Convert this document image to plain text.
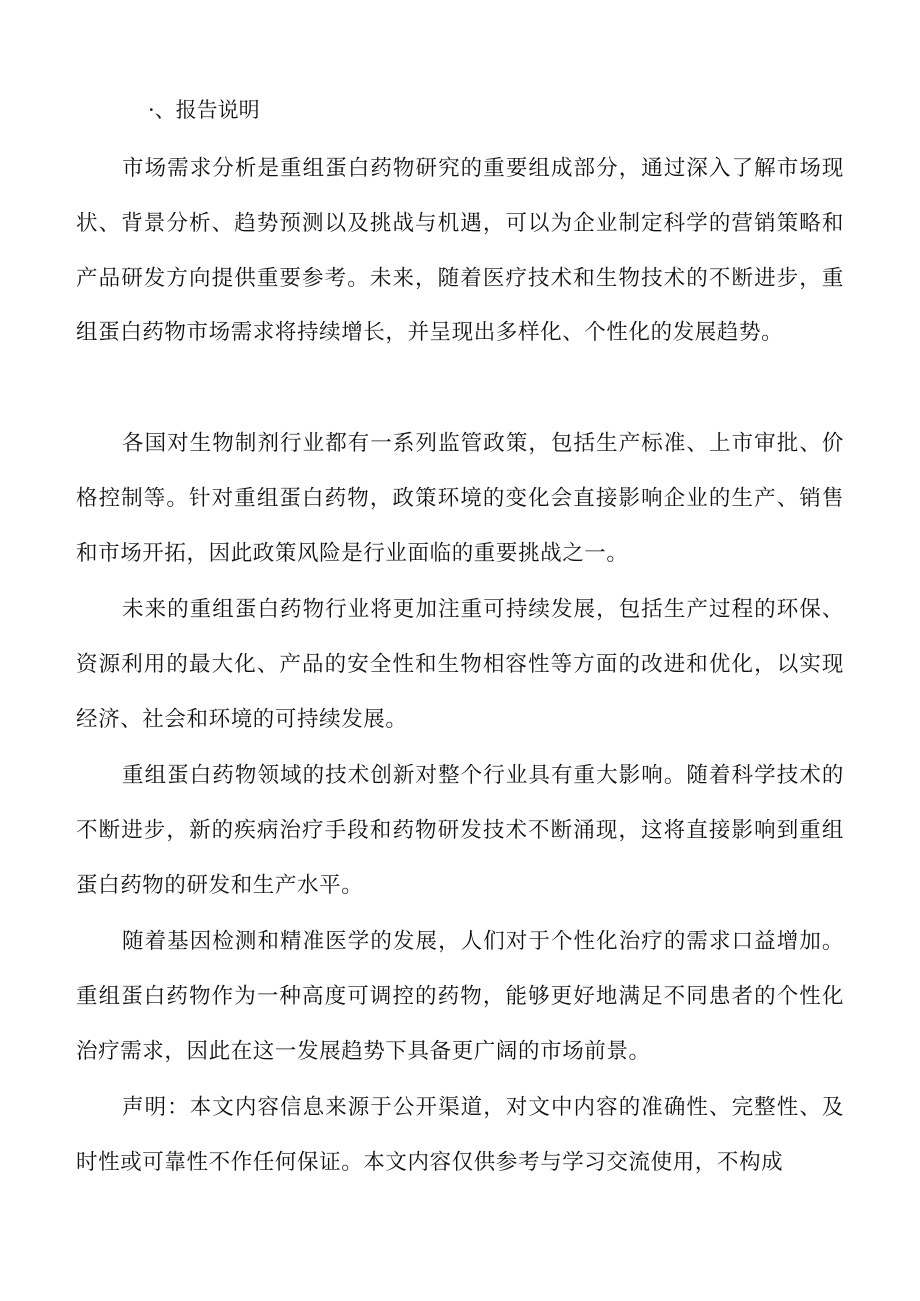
·、报告说明

市场需求分析是重组蛋白药物研究的重要组成部分，通过深入了解市场现状、背景分析、趋势预测以及挑战与机遇，可以为企业制定科学的营销策略和产品研发方向提供重要参考。未来，随着医疗技术和生物技术的不断进步，重组蛋白药物市场需求将持续增长，并呈现出多样化、个性化的发展趋势。

各国对生物制剂行业都有一系列监管政策，包括生产标准、上市审批、价格控制等。针对重组蛋白药物，政策环境的变化会直接影响企业的生产、销售和市场开拓，因此政策风险是行业面临的重要挑战之一。

未来的重组蛋白药物行业将更加注重可持续发展，包括生产过程的环保、资源利用的最大化、产品的安全性和生物相容性等方面的改进和优化，以实现经济、社会和环境的可持续发展。

重组蛋白药物领域的技术创新对整个行业具有重大影响。随着科学技术的不断进步，新的疾病治疗手段和药物研发技术不断涌现，这将直接影响到重组蛋白药物的研发和生产水平。

随着基因检测和精准医学的发展，人们对于个性化治疗的需求口益增加。重组蛋白药物作为一种高度可调控的药物，能够更好地满足不同患者的个性化治疗需求，因此在这一发展趋势下具备更广阔的市场前景。

声明：本文内容信息来源于公开渠道，对文中内容的准确性、完整性、及时性或可靠性不作任何保证。本文内容仅供参考与学习交流使用，不构成
